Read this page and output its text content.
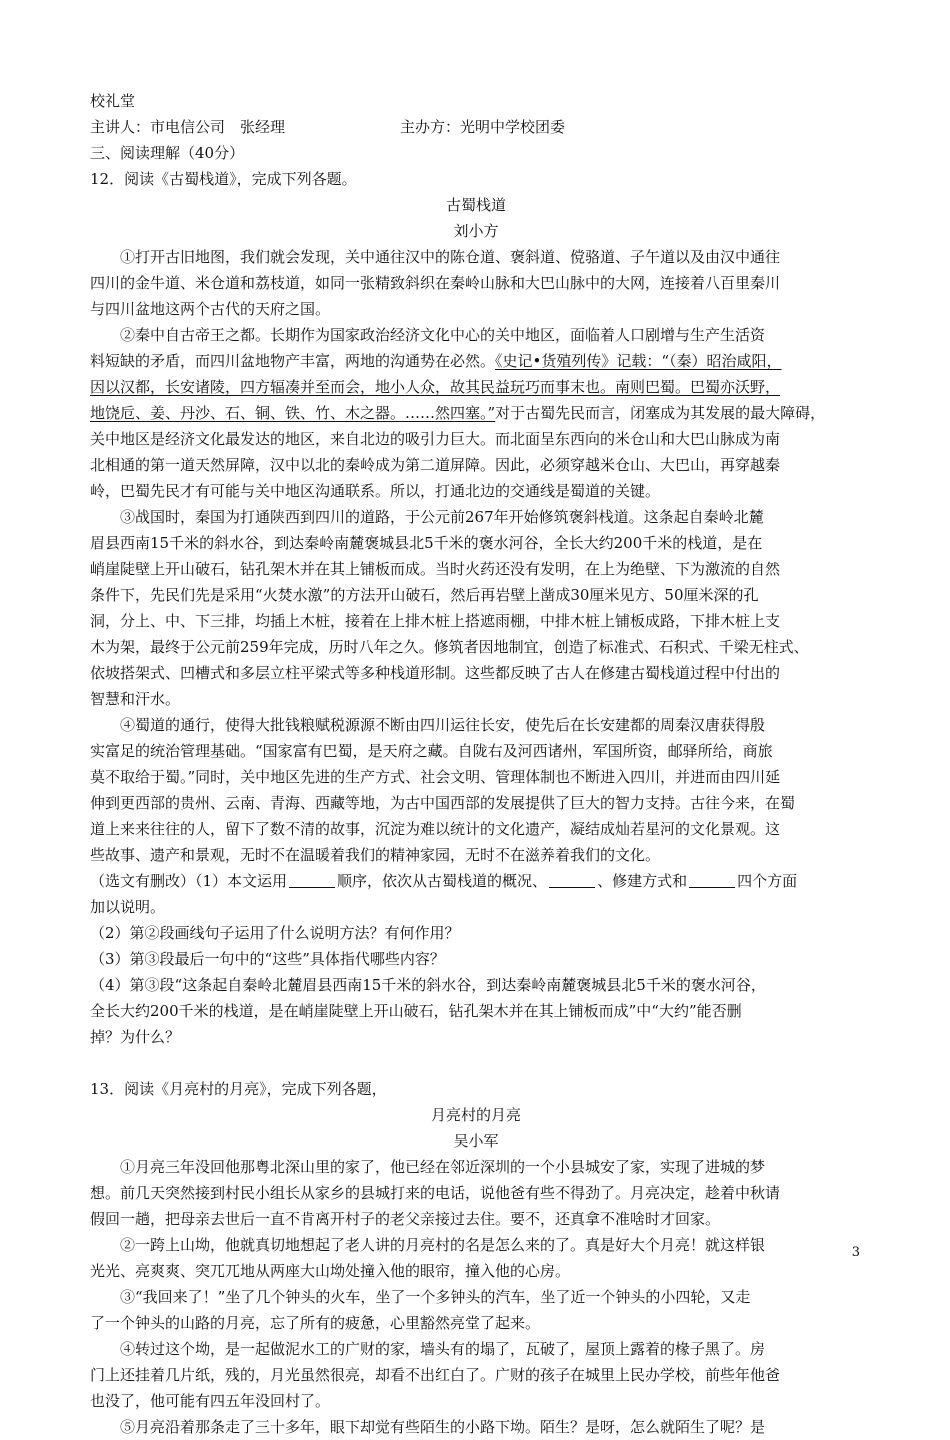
校礼堂
主讲人：市电信公司　张经理	主办方：光明中学校团委
三、阅读理解（40分）
12．阅读《古蜀栈道》，完成下列各题。
古蜀栈道
刘小方
①打开古旧地图，我们就会发现，关中通往汉中的陈仓道、褒斜道、傥骆道、子午道以及由汉中通往
四川的金牛道、米仓道和荔枝道，如同一张精致斜织在秦岭山脉和大巴山脉中的大网，连接着八百里秦川
与四川盆地这两个古代的天府之国。
②秦中自古帝王之都。长期作为国家政治经济文化中心的关中地区，面临着人口剧增与生产生活资
料短缺的矛盾，而四川盆地物产丰富，两地的沟通势在必然。《史记•货殖列传》记载：“（秦）昭治咸阳，
因以汉都，长安诸陵，四方辐凑并至而会，地小人众，故其民益玩巧而事末也。南则巴蜀。巴蜀亦沃野，
地饶卮、姜、丹沙、石、铜、铁、竹、木之器。……然四塞。”对于古蜀先民而言，闭塞成为其发展的最大障碍，
关中地区是经济文化最发达的地区，来自北边的吸引力巨大。而北面呈东西向的米仓山和大巴山脉成为南
北相通的第一道天然屏障，汉中以北的秦岭成为第二道屏障。因此，必须穿越米仓山、大巴山，再穿越秦
岭，巴蜀先民才有可能与关中地区沟通联系。所以，打通北边的交通线是蜀道的关键。
③战国时，秦国为打通陕西到四川的道路，于公元前267年开始修筑褒斜栈道。这条起自秦岭北麓
眉县西南15千米的斜水谷，到达秦岭南麓褒城县北5千米的褒水河谷，全长大约200千米的栈道，是在
峭崖陡壁上开山破石，钻孔架木并在其上铺板而成。当时火药还没有发明，在上为绝壁、下为激流的自然
条件下，先民们先是采用“火焚水激”的方法开山破石，然后再岩壁上凿成30厘米见方、50厘米深的孔
洞，分上、中、下三排，均插上木桩，接着在上排木桩上搭遮雨棚，中排木桩上铺板成路，下排木桩上支
木为架，最终于公元前259年完成，历时八年之久。修筑者因地制宜，创造了标准式、石积式、千梁无柱式、
依坡搭架式、凹槽式和多层立柱平梁式等多种栈道形制。这些都反映了古人在修建古蜀栈道过程中付出的
智慧和汗水。
④蜀道的通行，使得大批钱粮赋税源源不断由四川运往长安，使先后在长安建都的周秦汉唐获得殷
实富足的统治管理基础。“国家富有巴蜀，是天府之藏。自陇右及河西诸州，军国所资，邮驿所给，商旅
莫不取给于蜀。”同时，关中地区先进的生产方式、社会文明、管理体制也不断进入四川，并进而由四川延
伸到更西部的贵州、云南、青海、西藏等地，为古中国西部的发展提供了巨大的智力支持。古往今来，在蜀
道上来来往往的人，留下了数不清的故事，沉淀为难以统计的文化遗产，凝结成灿若星河的文化景观。这
些故事、遗产和景观，无时不在温暖着我们的精神家园，无时不在滋养着我们的文化。
（选文有删改）（1）本文运用	顺序，依次从古蜀栈道的概况、	、修建方式和	四个方面
加以说明。
（2）第②段画线句子运用了什么说明方法？有何作用？
（3）第③段最后一句中的“这些”具体指代哪些内容？
（4）第③段“这条起自秦岭北麓眉县西南15千米的斜水谷，到达秦岭南麓褒城县北5千米的褒水河谷，
全长大约200千米的栈道，是在峭崖陡壁上开山破石，钻孔架木并在其上铺板而成”中“大约”能否删
掉？为什么？
13．阅读《月亮村的月亮》，完成下列各题，
月亮村的月亮
吴小军
①月亮三年没回他那粤北深山里的家了，他已经在邻近深圳的一个小县城安了家，实现了进城的梦
想。前几天突然接到村民小组长从家乡的县城打来的电话，说他爸有些不得劲了。月亮决定，趁着中秋请
假回一趟，把母亲去世后一直不肯离开村子的老父亲接过去住。要不，还真拿不准啥时才回家。
②一跨上山坳，他就真切地想起了老人讲的月亮村的名是怎么来的了。真是好大个月亮！就这样银
光光、亮爽爽、突兀兀地从两座大山坳处撞入他的眼帘，撞入他的心房。
③“我回来了！”坐了几个钟头的火车，坐了一个多钟头的汽车，坐了近一个钟头的小四轮，又走
了一个钟头的山路的月亮，忘了所有的疲惫，心里豁然亮堂了起来。
④转过这个坳，是一起做泥水工的广财的家，墙头有的塌了，瓦破了，屋顶上露着的椽子黑了。房
门上还挂着几片纸，残的，月光虽然很亮，却看不出红白了。广财的孩子在城里上民办学校，前些年他爸
也没了，他可能有四五年没回村了。
⑤月亮沿着那条走了三十多年，眼下却觉有些陌生的小路下坳。陌生？是呀，怎么就陌生了呢？是
3
